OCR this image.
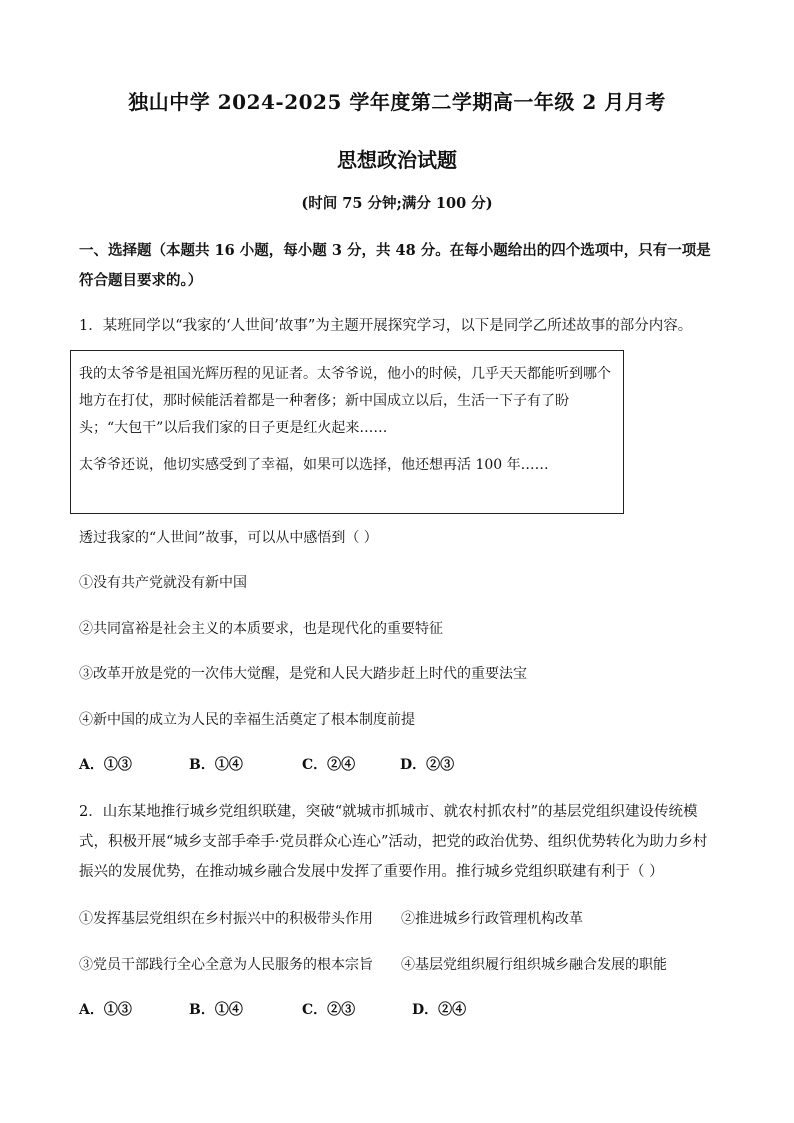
独山中学 2024-2025 学年度第二学期高一年级 2 月月考
思想政治试题
(时间 75 分钟;满分 100 分)
一、选择题（本题共 16 小题，每小题 3 分，共 48 分。在每小题给出的四个选项中，只有一项是符合题目要求的。）
1．某班同学以“我家的‘人世间’故事”为主题开展探究学习，以下是同学乙所述故事的部分内容。

我的太爷爷是祖国光辉历程的见证者。太爷爷说，他小的时候，几乎天天都能听到哪个地方在打仗，那时候能活着都是一种奢侈；新中国成立以后，生活一下子有了盼头；“大包干”以后我们家的日子更是红火起来……

太爷爷还说，他切实感受到了幸福，如果可以选择，他还想再活 100 年……

透过我家的“人世间”故事，可以从中感悟到（ ）
①没有共产党就没有新中国
②共同富裕是社会主义的本质要求，也是现代化的重要特征
③改革开放是党的一次伟大觉醒，是党和人民大踏步赶上时代的重要法宝
④新中国的成立为人民的幸福生活奠定了根本制度前提
A．①③	B．①④	C．②④	D．②③
2．山东某地推行城乡党组织联建，突破“就城市抓城市、就农村抓农村”的基层党组织建设传统模式，积极开展“城乡支部手牵手·党员群众心连心”活动，把党的政治优势、组织优势转化为助力乡村振兴的发展优势，在推动城乡融合发展中发挥了重要作用。推行城乡党组织联建有利于（ ）
①发挥基层党组织在乡村振兴中的积极带头作用 ②推进城乡行政管理机构改革
③党员干部践行全心全意为人民服务的根本宗旨 ④基层党组织履行组织城乡融合发展的职能
A．①③	B．①④	C．②③	D．②④
